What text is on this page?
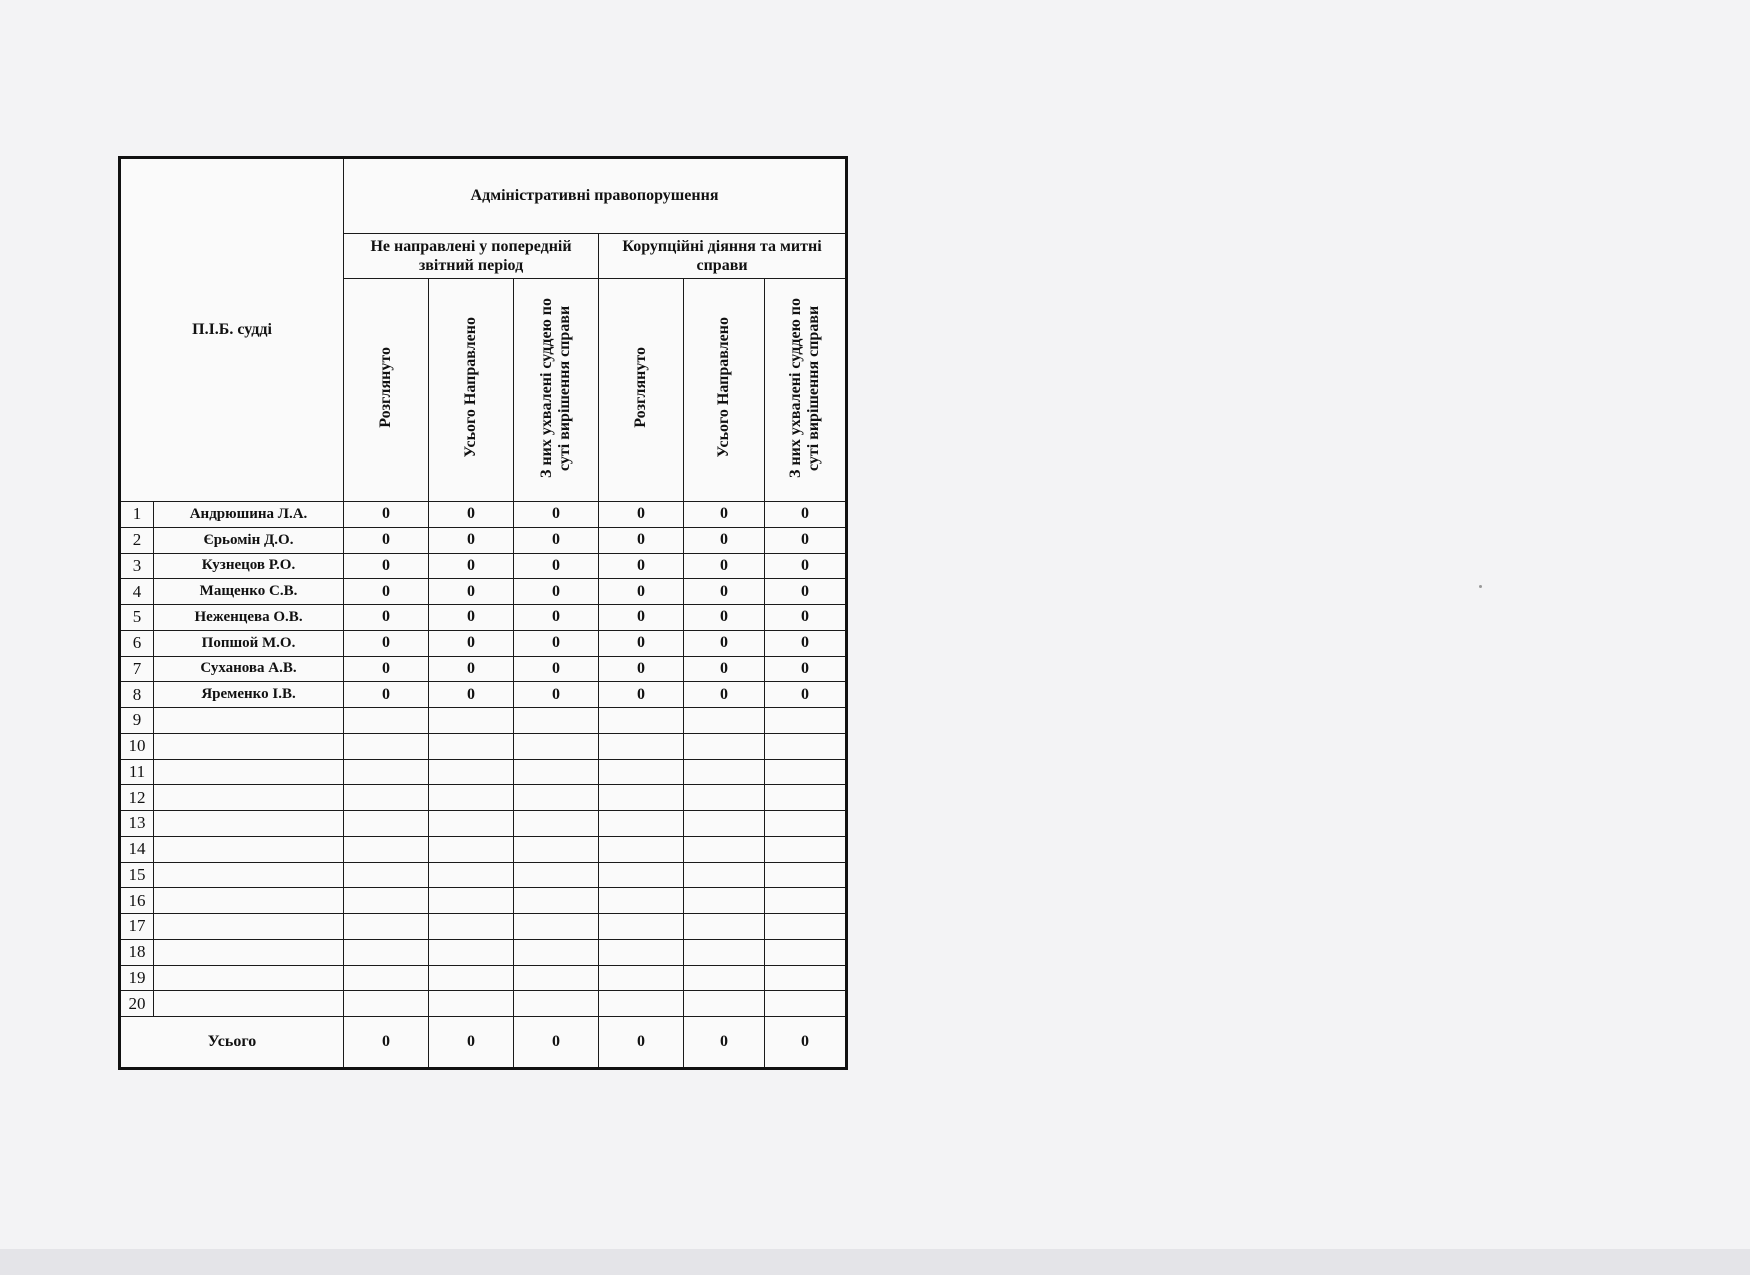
П.І.Б. судді		Адміністративні правопорушення					
		Не направлені у попередній звітний період			Корупційні діяння та митні справи		
		Розглянуто	Усього Направлено	З них ухвалені суддею по суті вирішення справи	Розглянуто	Усього Направлено	З них ухвалені суддею по суті вирішення справи
1	Андрюшина Л.А.	0	0	0	0	0	0
2	Єрьомін Д.О.	0	0	0	0	0	0
3	Кузнецов Р.О.	0	0	0	0	0	0
4	Мащенко С.В.	0	0	0	0	0	0
5	Неженцева О.В.	0	0	0	0	0	0
6	Попшой М.О.	0	0	0	0	0	0
7	Суханова А.В.	0	0	0	0	0	0
8	Яременко І.В.	0	0	0	0	0	0
9							
10							
11							
12							
13							
14							
15							
16							
17							
18							
19							
20							
Усього		0	0	0	0	0	0
